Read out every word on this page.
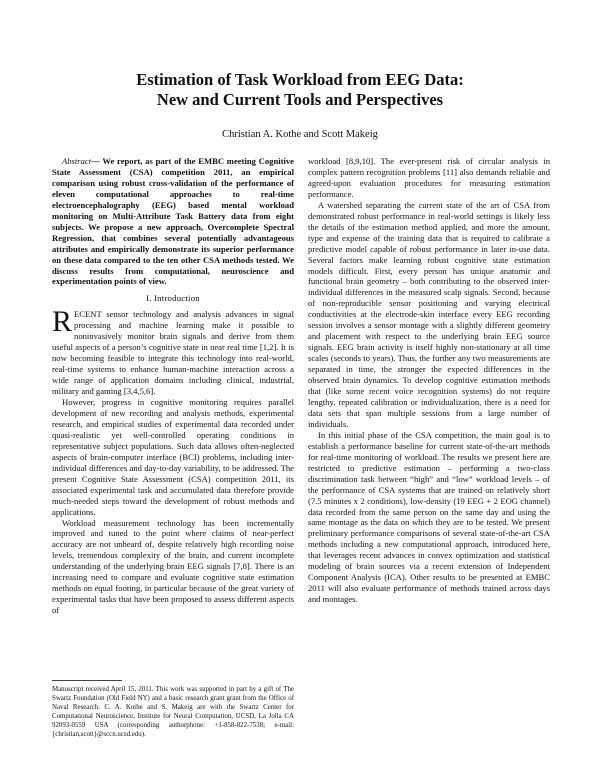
Estimation of Task Workload from EEG Data:
New and Current Tools and Perspectives
Christian A. Kothe and Scott Makeig

Abstract— We report, as part of the EMBC meeting Cognitive State Assessment (CSA) competition 2011, an empirical comparison using robust cross-validation of the performance of eleven computational approaches to real-time electroencephalography (EEG) based mental workload monitoring on Multi-Attribute Task Battery data from eight subjects. We propose a new approach, Overcomplete Spectral Regression, that combines several potentially advantageous attributes and empirically demonstrate its superior performance on these data compared to the ten other CSA methods tested. We discuss results from computational, neuroscience and experimentation points of view.

I. Introduction

RECENT sensor technology and analysis advances in signal processing and machine learning make it possible to noninvasively monitor brain signals and derive from them useful aspects of a person’s cognitive state in near real time [1,2]. It is now becoming feasible to integrate this technology into real-world, real-time systems to enhance human-machine interaction across a wide range of application domains including clinical, industrial, military and gaming [3,4,5,6].

However, progress in cognitive monitoring requires parallel development of new recording and analysis methods, experimental research, and empirical studies of experimental data recorded under quasi-realistic yet well-controlled operating conditions in representative subject populations. Such data allows often-neglected aspects of brain-computer interface (BCI) problems, including inter-individual differences and day-to-day variability, to be addressed. The present Cognitive State Assessment (CSA) competition 2011, its associated experimental task and accumulated data therefore provide much-needed steps toward the development of robust methods and applications.

Workload measurement technology has been incrementally improved and tuned to the point where claims of near-perfect accuracy are not unheard of, despite relatively high recording noise levels, tremendous complexity of the brain, and current incomplete understanding of the underlying brain EEG signals [7,8]. There is an increasing need to compare and evaluate cognitive state estimation methods on equal footing, in particular because of the great variety of experimental tasks that have been proposed to assess different aspects of

workload [8,9,10]. The ever-present risk of circular analysis in complex pattern recognition problems [11] also demands reliable and agreed-upon evaluation procedures for measuring estimation performance.

A watershed separating the current state of the art of CSA from demonstrated robust performance in real-world settings is likely less the details of the estimation method applied, and more the amount, type and expense of the training data that is required to calibrate a predictive model capable of robust performance in later in-use data. Several factors make learning robust cognitive state estimation models difficult. First, every person has unique anatomic and functional brain geometry – both contributing to the observed inter-individual differences in the measured scalp signals. Second, because of non-reproducible sensor positioning and varying electrical conductivities at the electrode-skin interface every EEG recording session involves a sensor montage with a slightly different geometry and placement with respect to the underlying brain EEG source signals. EEG brain activity is itself highly non-stationary at all time scales (seconds to years). Thus, the further any two measurements are separated in time, the stronger the expected differences in the observed brain dynamics. To develop cognitive estimation methods that (like some recent voice recognition systems) do not require lengthy, repeated calibration or individualization, there is a need for data sets that span multiple sessions from a large number of individuals.

In this initial phase of the CSA competition, the main goal is to establish a performance baseline for current state-of-the-art methods for real-time monitoring of workload. The results we present here are restricted to predictive estimation – performing a two-class discrimination task between “high” and “low” workload levels – of the performance of CSA systems that are trained on relatively short (7.5 minutes x 2 conditions), low-density (19 EEG + 2 EOG channel) data recorded from the same person on the same day and using the same montage as the data on which they are to be tested. We present preliminary performance comparisons of several state-of-the-art CSA methods including a new computational approach, introduced here, that leverages recent advances in convex optimization and statistical modeling of brain sources via a recent extension of Independent Component Analysis (ICA). Other results to be presented at EMBC 2011 will also evaluate performance of methods trained across days and montages.

Manuscript received April 15, 2011. This work was supported in part by a gift of The Swartz Foundation (Old Field NY) and a basic research grant grant from the Office of Naval Research. C. A. Kothe and S. Makeig are with the Swartz Center for Computational Neuroscience, Institute for Neural Computation, UCSD, La Jolla CA 92093-0559 USA (corresponding authorphone: +1-858-822-7538; e-mail: {christian,scott}@sccn.ucsd.edu).
